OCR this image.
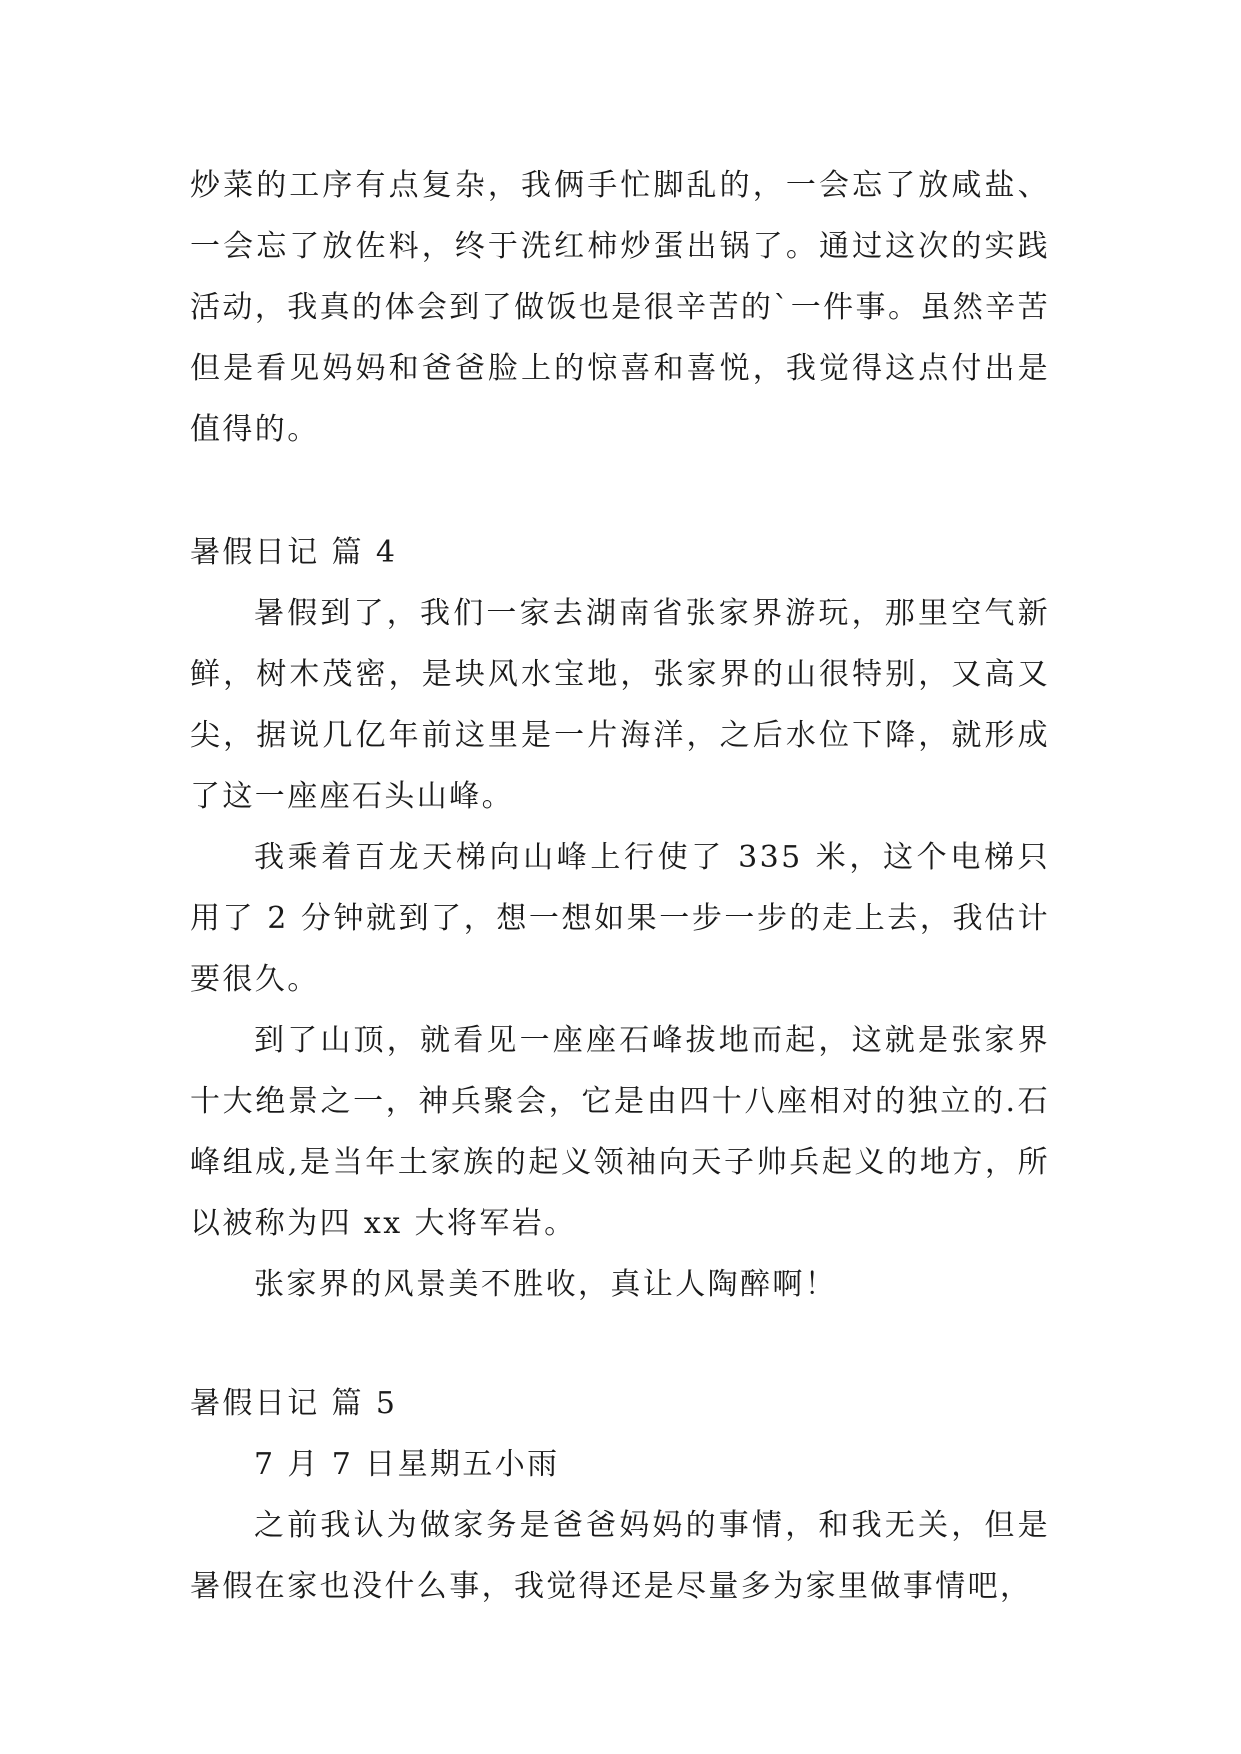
炒菜的工序有点复杂，我俩手忙脚乱的，一会忘了放咸盐、一会忘了放佐料，终于洗红柿炒蛋出锅了。通过这次的实践活动，我真的体会到了做饭也是很辛苦的`一件事。虽然辛苦但是看见妈妈和爸爸脸上的惊喜和喜悦，我觉得这点付出是值得的。

暑假日记 篇 4

暑假到了，我们一家去湖南省张家界游玩，那里空气新鲜，树木茂密，是块风水宝地，张家界的山很特别，又高又尖，据说几亿年前这里是一片海洋，之后水位下降，就形成了这一座座石头山峰。

我乘着百龙天梯向山峰上行使了 335 米，这个电梯只用了 2 分钟就到了，想一想如果一步一步的走上去，我估计要很久。

到了山顶，就看见一座座石峰拔地而起，这就是张家界十大绝景之一，神兵聚会，它是由四十八座相对的独立的.石峰组成,是当年土家族的起义领袖向天子帅兵起义的地方，所以被称为四 xx 大将军岩。

张家界的风景美不胜收，真让人陶醉啊！

暑假日记 篇 5

7 月 7 日星期五小雨

之前我认为做家务是爸爸妈妈的事情，和我无关，但是暑假在家也没什么事，我觉得还是尽量多为家里做事情吧，
